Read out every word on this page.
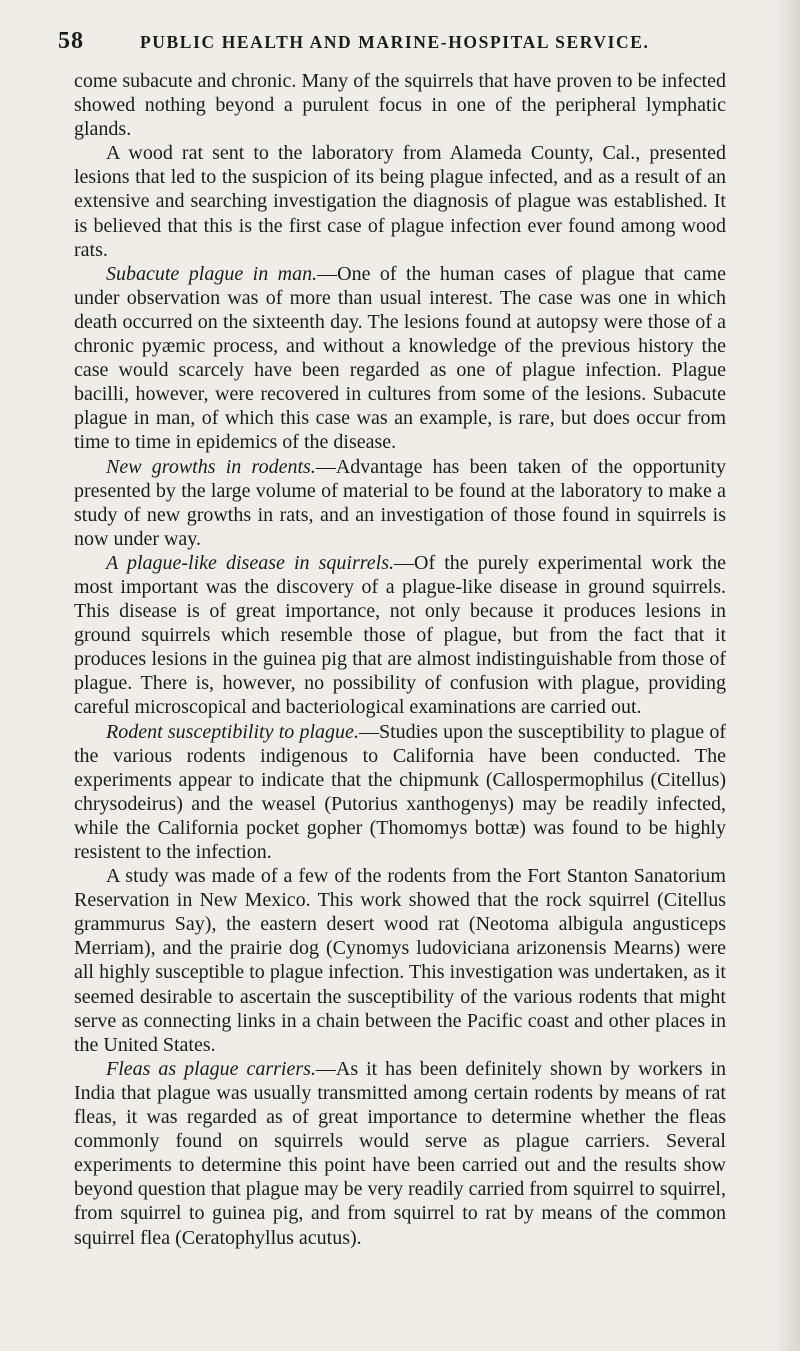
58	PUBLIC HEALTH AND MARINE-HOSPITAL SERVICE.

come subacute and chronic. Many of the squirrels that have proven to be infected showed nothing beyond a purulent focus in one of the peripheral lymphatic glands.

A wood rat sent to the laboratory from Alameda County, Cal., presented lesions that led to the suspicion of its being plague infected, and as a result of an extensive and searching investigation the diagnosis of plague was established. It is believed that this is the first case of plague infection ever found among wood rats.

Subacute plague in man.—One of the human cases of plague that came under observation was of more than usual interest. The case was one in which death occurred on the sixteenth day. The lesions found at autopsy were those of a chronic pyæmic process, and without a knowledge of the previous history the case would scarcely have been regarded as one of plague infection. Plague bacilli, however, were recovered in cultures from some of the lesions. Subacute plague in man, of which this case was an example, is rare, but does occur from time to time in epidemics of the disease.

New growths in rodents.—Advantage has been taken of the opportunity presented by the large volume of material to be found at the laboratory to make a study of new growths in rats, and an investigation of those found in squirrels is now under way.

A plague-like disease in squirrels.—Of the purely experimental work the most important was the discovery of a plague-like disease in ground squirrels. This disease is of great importance, not only because it produces lesions in ground squirrels which resemble those of plague, but from the fact that it produces lesions in the guinea pig that are almost indistinguishable from those of plague. There is, however, no possibility of confusion with plague, providing careful microscopical and bacteriological examinations are carried out.

Rodent susceptibility to plague.—Studies upon the susceptibility to plague of the various rodents indigenous to California have been conducted. The experiments appear to indicate that the chipmunk (Callospermophilus (Citellus) chrysodeirus) and the weasel (Putorius xanthogenys) may be readily infected, while the California pocket gopher (Thomomys bottæ) was found to be highly resistent to the infection.

A study was made of a few of the rodents from the Fort Stanton Sanatorium Reservation in New Mexico. This work showed that the rock squirrel (Citellus grammurus Say), the eastern desert wood rat (Neotoma albigula angusticeps Merriam), and the prairie dog (Cynomys ludoviciana arizonensis Mearns) were all highly susceptible to plague infection. This investigation was undertaken, as it seemed desirable to ascertain the susceptibility of the various rodents that might serve as connecting links in a chain between the Pacific coast and other places in the United States.

Fleas as plague carriers.—As it has been definitely shown by workers in India that plague was usually transmitted among certain rodents by means of rat fleas, it was regarded as of great importance to determine whether the fleas commonly found on squirrels would serve as plague carriers. Several experiments to determine this point have been carried out and the results show beyond question that plague may be very readily carried from squirrel to squirrel, from squirrel to guinea pig, and from squirrel to rat by means of the common squirrel flea (Ceratophyllus acutus).
